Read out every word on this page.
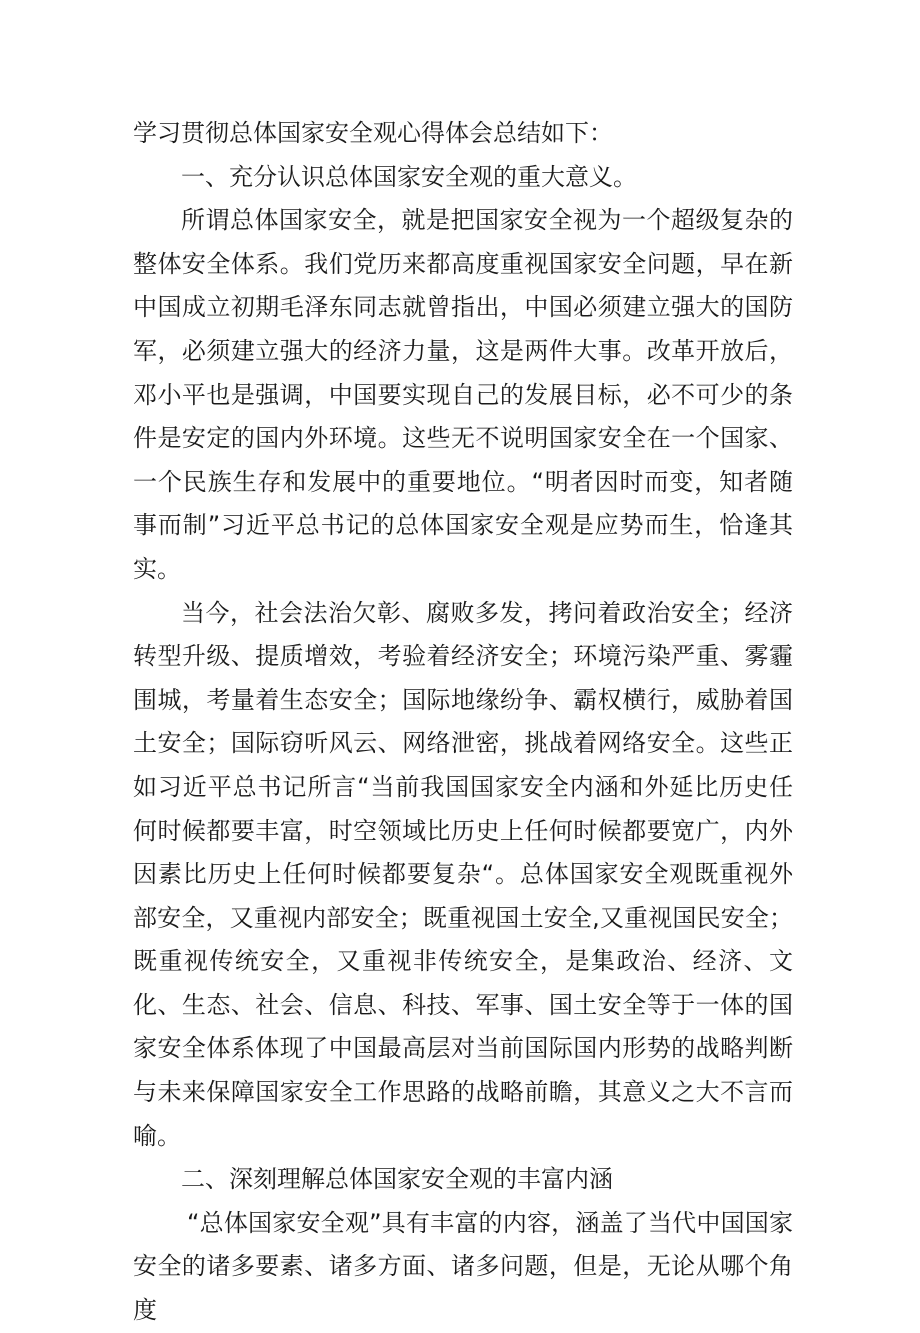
学习贯彻总体国家安全观心得体会总结如下：

一、充分认识总体国家安全观的重大意义。

所谓总体国家安全，就是把国家安全视为一个超级复杂的整体安全体系。我们党历来都高度重视国家安全问题，早在新中国成立初期毛泽东同志就曾指出，中国必须建立强大的国防军，必须建立强大的经济力量，这是两件大事。改革开放后，邓小平也是强调，中国要实现自己的发展目标，必不可少的条件是安定的国内外环境。这些无不说明国家安全在一个国家、一个民族生存和发展中的重要地位。“明者因时而变，知者随事而制”习近平总书记的总体国家安全观是应势而生，恰逢其实。

当今，社会法治欠彰、腐败多发，拷问着政治安全；经济转型升级、提质增效，考验着经济安全；环境污染严重、雾霾围城，考量着生态安全；国际地缘纷争、霸权横行，威胁着国土安全；国际窃听风云、网络泄密，挑战着网络安全。这些正如习近平总书记所言“当前我国国家安全内涵和外延比历史任何时候都要丰富，时空领域比历史上任何时候都要宽广，内外因素比历史上任何时候都要复杂“。总体国家安全观既重视外部安全，又重视内部安全；既重视国土安全,又重视国民安全；既重视传统安全，又重视非传统安全，是集政治、经济、文化、生态、社会、信息、科技、军事、国土安全等于一体的国家安全体系体现了中国最高层对当前国际国内形势的战略判断与未来保障国家安全工作思路的战略前瞻，其意义之大不言而喻。

二、深刻理解总体国家安全观的丰富内涵

“总体国家安全观”具有丰富的内容，涵盖了当代中国国家安全的诸多要素、诸多方面、诸多问题，但是，无论从哪个角度
